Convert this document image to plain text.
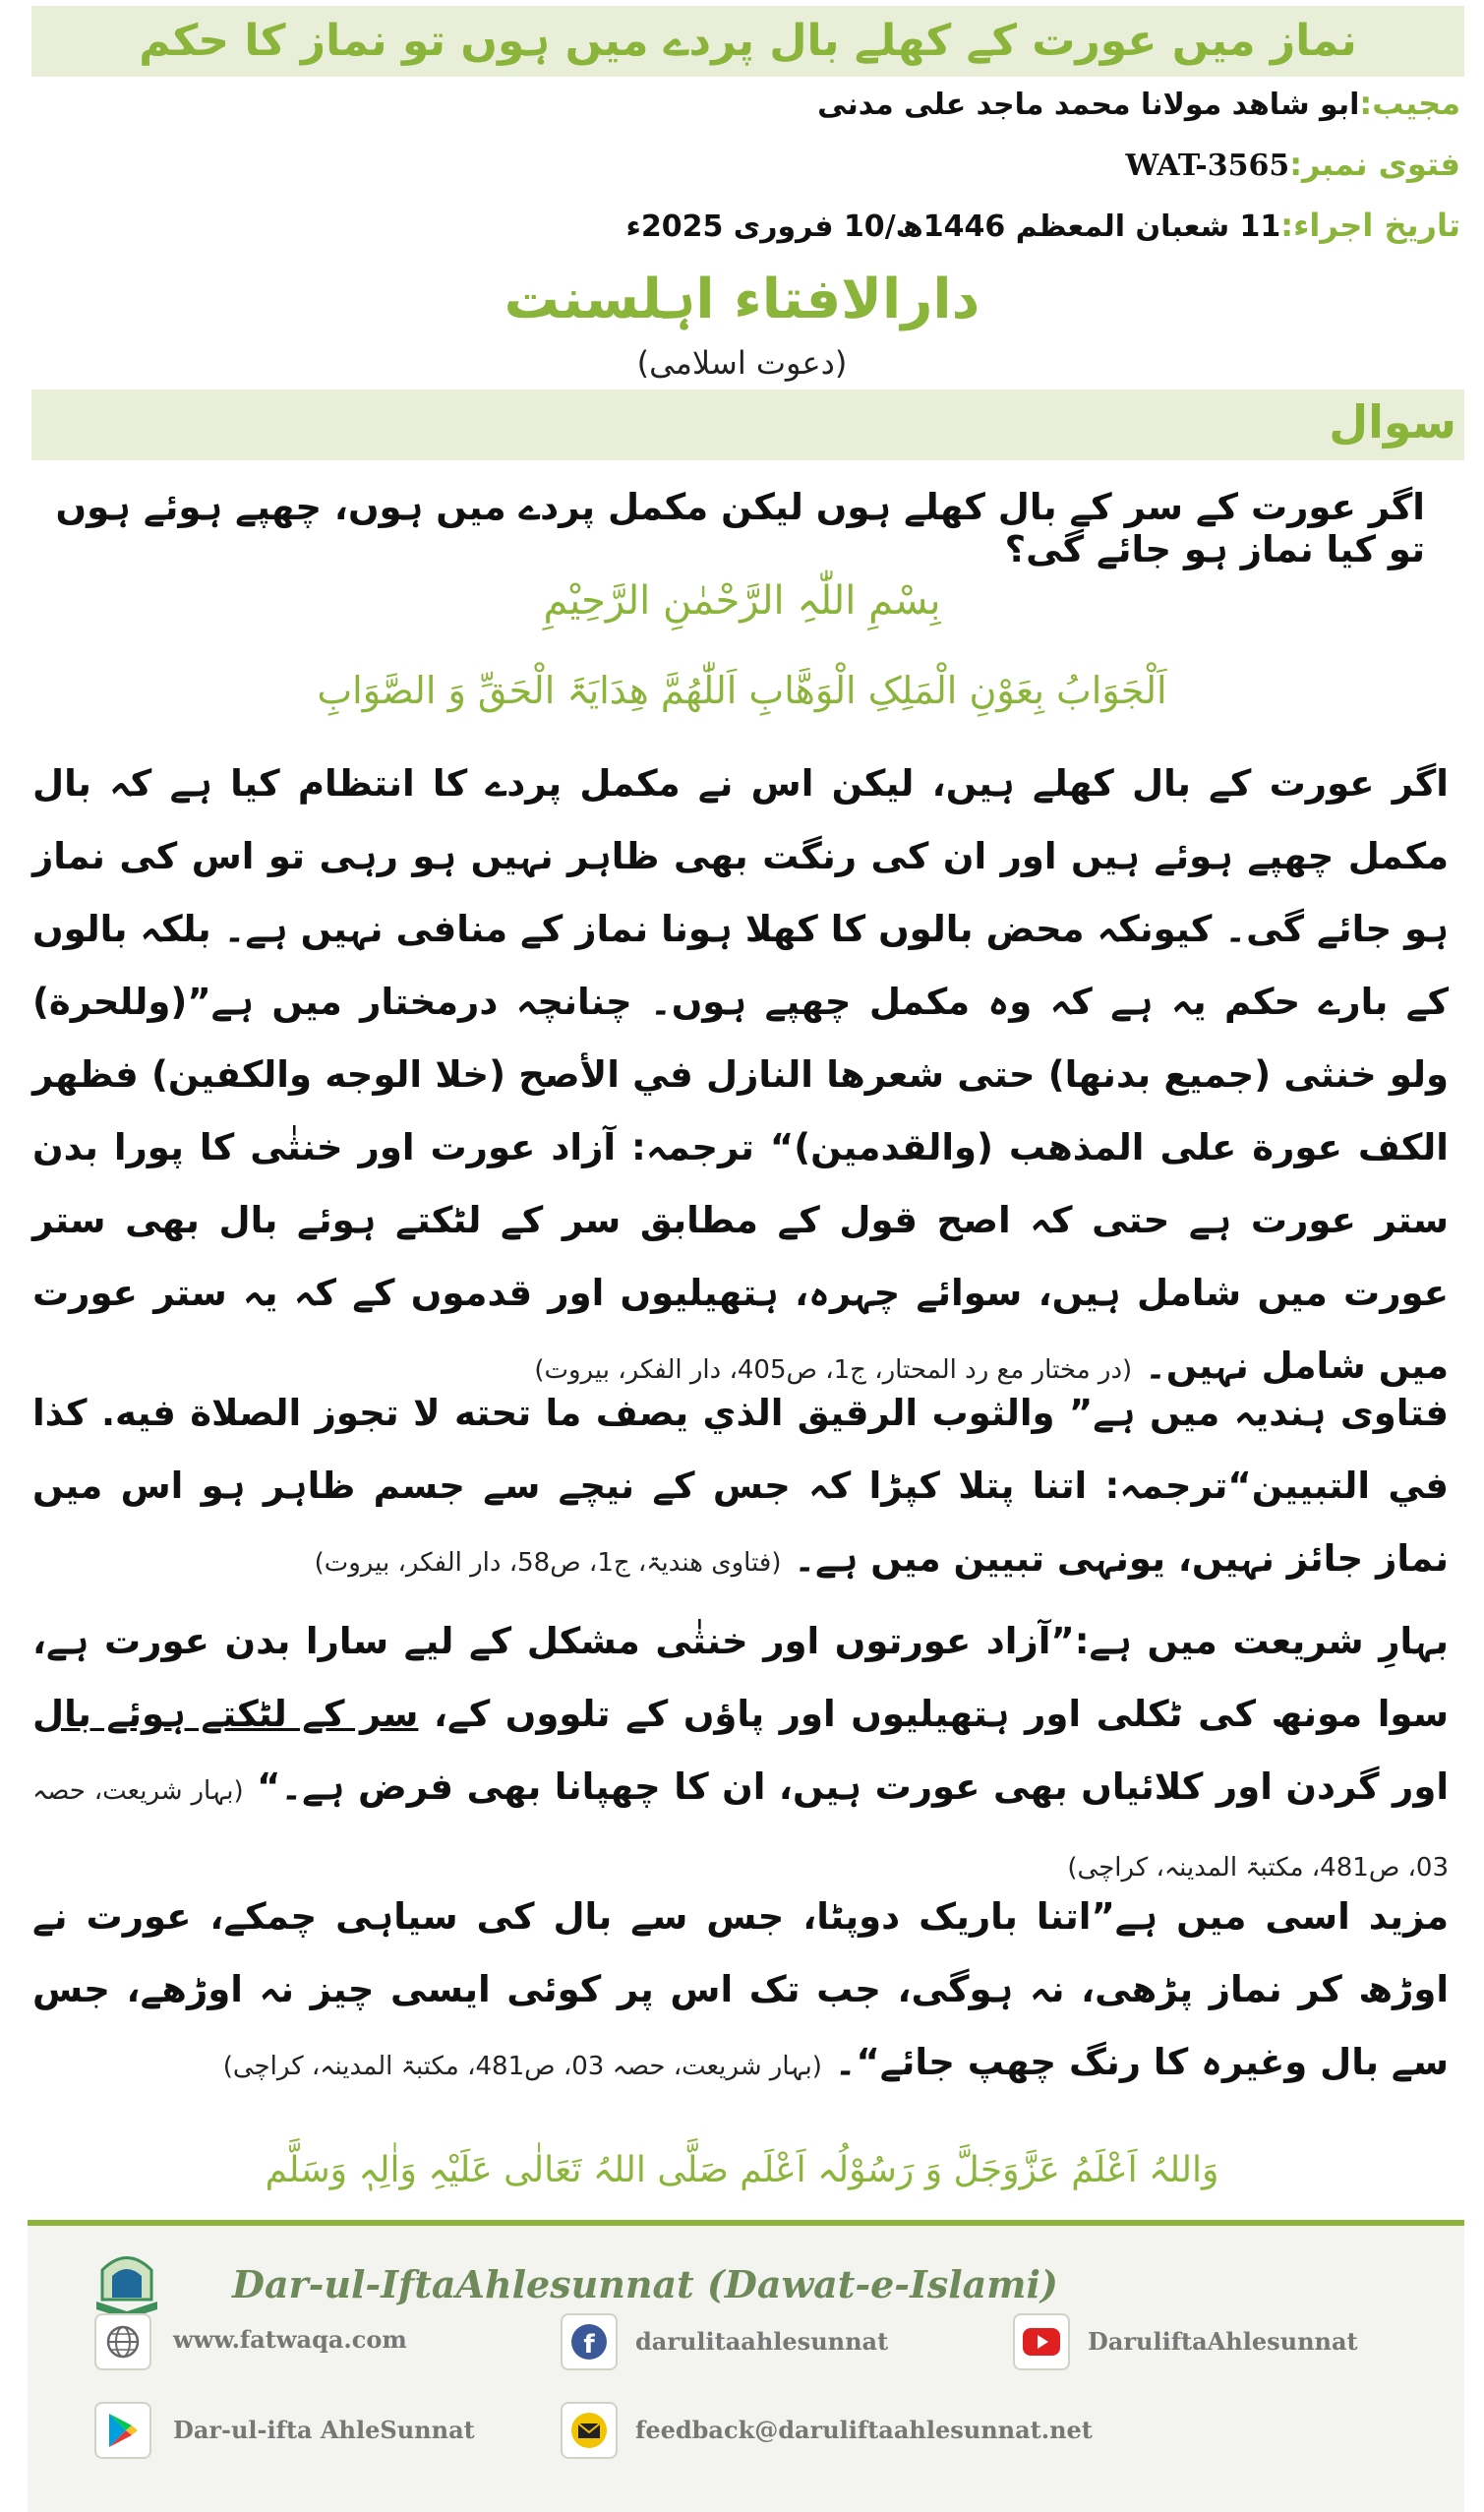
نماز میں عورت کے کھلے بال پردے میں ہوں تو نماز کا حکم
مجیب:ابو شاھد مولانا محمد ماجد علی مدنی
فتوی نمبر:WAT-3565
تاریخ اجراء:11 شعبان المعظم 1446ھ/10 فروری 2025ء
دارالافتاء اہلسنت
(دعوت اسلامی)
سوال
اگر عورت کے سر کے بال کھلے ہوں لیکن مکمل پردے میں ہوں، چھپے ہوئے ہوں تو کیا نماز ہو جائے گی؟
بِسْمِ اللّٰہِ الرَّحْمٰنِ الرَّحِیْمِ
اَلْجَوَابُ بِعَوْنِ الْمَلِکِ الْوَھَّابِ اَللّٰھُمَّ ھِدَایَۃَ الْحَقِّ وَ الصَّوَابِ
اگر عورت کے بال کھلے ہیں، لیکن اس نے مکمل پردے کا انتظام کیا ہے کہ بال مکمل چھپے ہوئے ہیں اور ان کی رنگت بھی ظاہر نہیں ہو رہی تو اس کی نماز ہو جائے گی۔ کیونکہ محض بالوں کا کھلا ہونا نماز کے منافی نہیں ہے۔ بلکہ بالوں کے بارے حکم یہ ہے کہ وہ مکمل چھپے ہوں۔ چنانچہ درمختار میں ہے”(وللحرة) ولو خنثى (جميع بدنها) حتى شعرها النازل في الأصح (خلا الوجه والكفين) فظهر الكف عورة على المذهب (والقدمين)“ ترجمہ: آزاد عورت اور خنثٰی کا پورا بدن ستر عورت ہے حتی کہ اصح قول کے مطابق سر کے لٹکتے ہوئے بال بھی ستر عورت میں شامل ہیں، سوائے چہرہ، ہتھیلیوں اور قدموں کے کہ یہ ستر عورت میں شامل نہیں۔ (در مختار مع رد المحتار، ج1، ص405، دار الفکر، بیروت)
فتاوی ہندیہ میں ہے” والثوب الرقيق الذي يصف ما تحته لا تجوز الصلاة فيه. كذا في التبيين“ترجمہ: اتنا پتلا کپڑا کہ جس کے نیچے سے جسم ظاہر ہو اس میں نماز جائز نہیں، یونہی تبیین میں ہے۔ (فتاوی ھندیۃ، ج1، ص58، دار الفکر، بیروت)
بہارِ شریعت میں ہے:”آزاد عورتوں اور خنثٰی مشکل کے لیے سارا بدن عورت ہے، سوا مونھ کی ٹکلی اور ہتھیلیوں اور پاؤں کے تلووں کے، سر کے لٹکتے ہوئے بال اور گردن اور کلائیاں بھی عورت ہیں، ان کا چھپانا بھی فرض ہے۔“ (بہار شریعت، حصہ 03، ص481، مکتبۃ المدینہ، کراچی)
مزید اسی میں ہے”اتنا باریک دوپٹا، جس سے بال کی سیاہی چمکے، عورت نے اوڑھ کر نماز پڑھی، نہ ہوگی، جب تک اس پر کوئی ایسی چیز نہ اوڑھے، جس سے بال وغیرہ کا رنگ چھپ جائے“۔ (بہار شریعت، حصہ 03، ص481، مکتبۃ المدینہ، کراچی)
وَاللہُ اَعْلَمُ عَزَّوَجَلَّ وَ رَسُوْلُہ اَعْلَم صَلَّی اللہُ تَعَالٰی عَلَیْہِ وَاٰلِہٖ وَسَلَّم
Dar-ul-IftaAhlesunnat (Dawat-e-Islami)
www.fatwaqa.com	f darulitaahlesunnat	DaruliftaAhlesunnat
Dar-ul-ifta AhleSunnat	feedback@daruliftaahlesunnat.net
